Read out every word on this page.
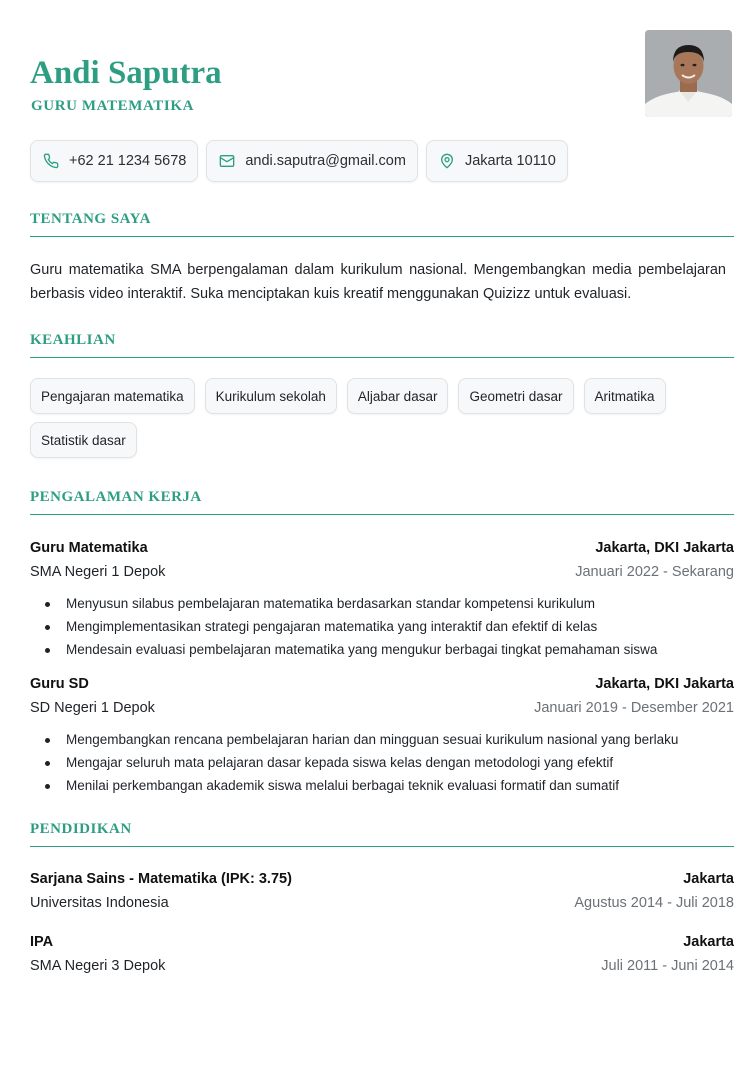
Andi Saputra
GURU MATEMATIKA
+62 21 1234 5678	andi.saputra@gmail.com	Jakarta 10110
TENTANG SAYA

Guru matematika SMA berpengalaman dalam kurikulum nasional. Mengembangkan media pembelajaran berbasis video interaktif. Suka menciptakan kuis kreatif menggunakan Quizizz untuk evaluasi.

KEAHLIAN
Pengajaran matematika	Kurikulum sekolah	Aljabar dasar	Geometri dasar	Aritmatika
Statistik dasar
PENGALAMAN KERJA
Guru Matematika	Jakarta, DKI Jakarta
SMA Negeri 1 Depok	Januari 2022 - Sekarang
Menyusun silabus pembelajaran matematika berdasarkan standar kompetensi kurikulum
Mengimplementasikan strategi pengajaran matematika yang interaktif dan efektif di kelas
Mendesain evaluasi pembelajaran matematika yang mengukur berbagai tingkat pemahaman siswa
Guru SD	Jakarta, DKI Jakarta
SD Negeri 1 Depok	Januari 2019 - Desember 2021
Mengembangkan rencana pembelajaran harian dan mingguan sesuai kurikulum nasional yang berlaku
Mengajar seluruh mata pelajaran dasar kepada siswa kelas dengan metodologi yang efektif
Menilai perkembangan akademik siswa melalui berbagai teknik evaluasi formatif dan sumatif
PENDIDIKAN
Sarjana Sains - Matematika (IPK: 3.75)	Jakarta
Universitas Indonesia	Agustus 2014 - Juli 2018
IPA	Jakarta
SMA Negeri 3 Depok	Juli 2011 - Juni 2014
